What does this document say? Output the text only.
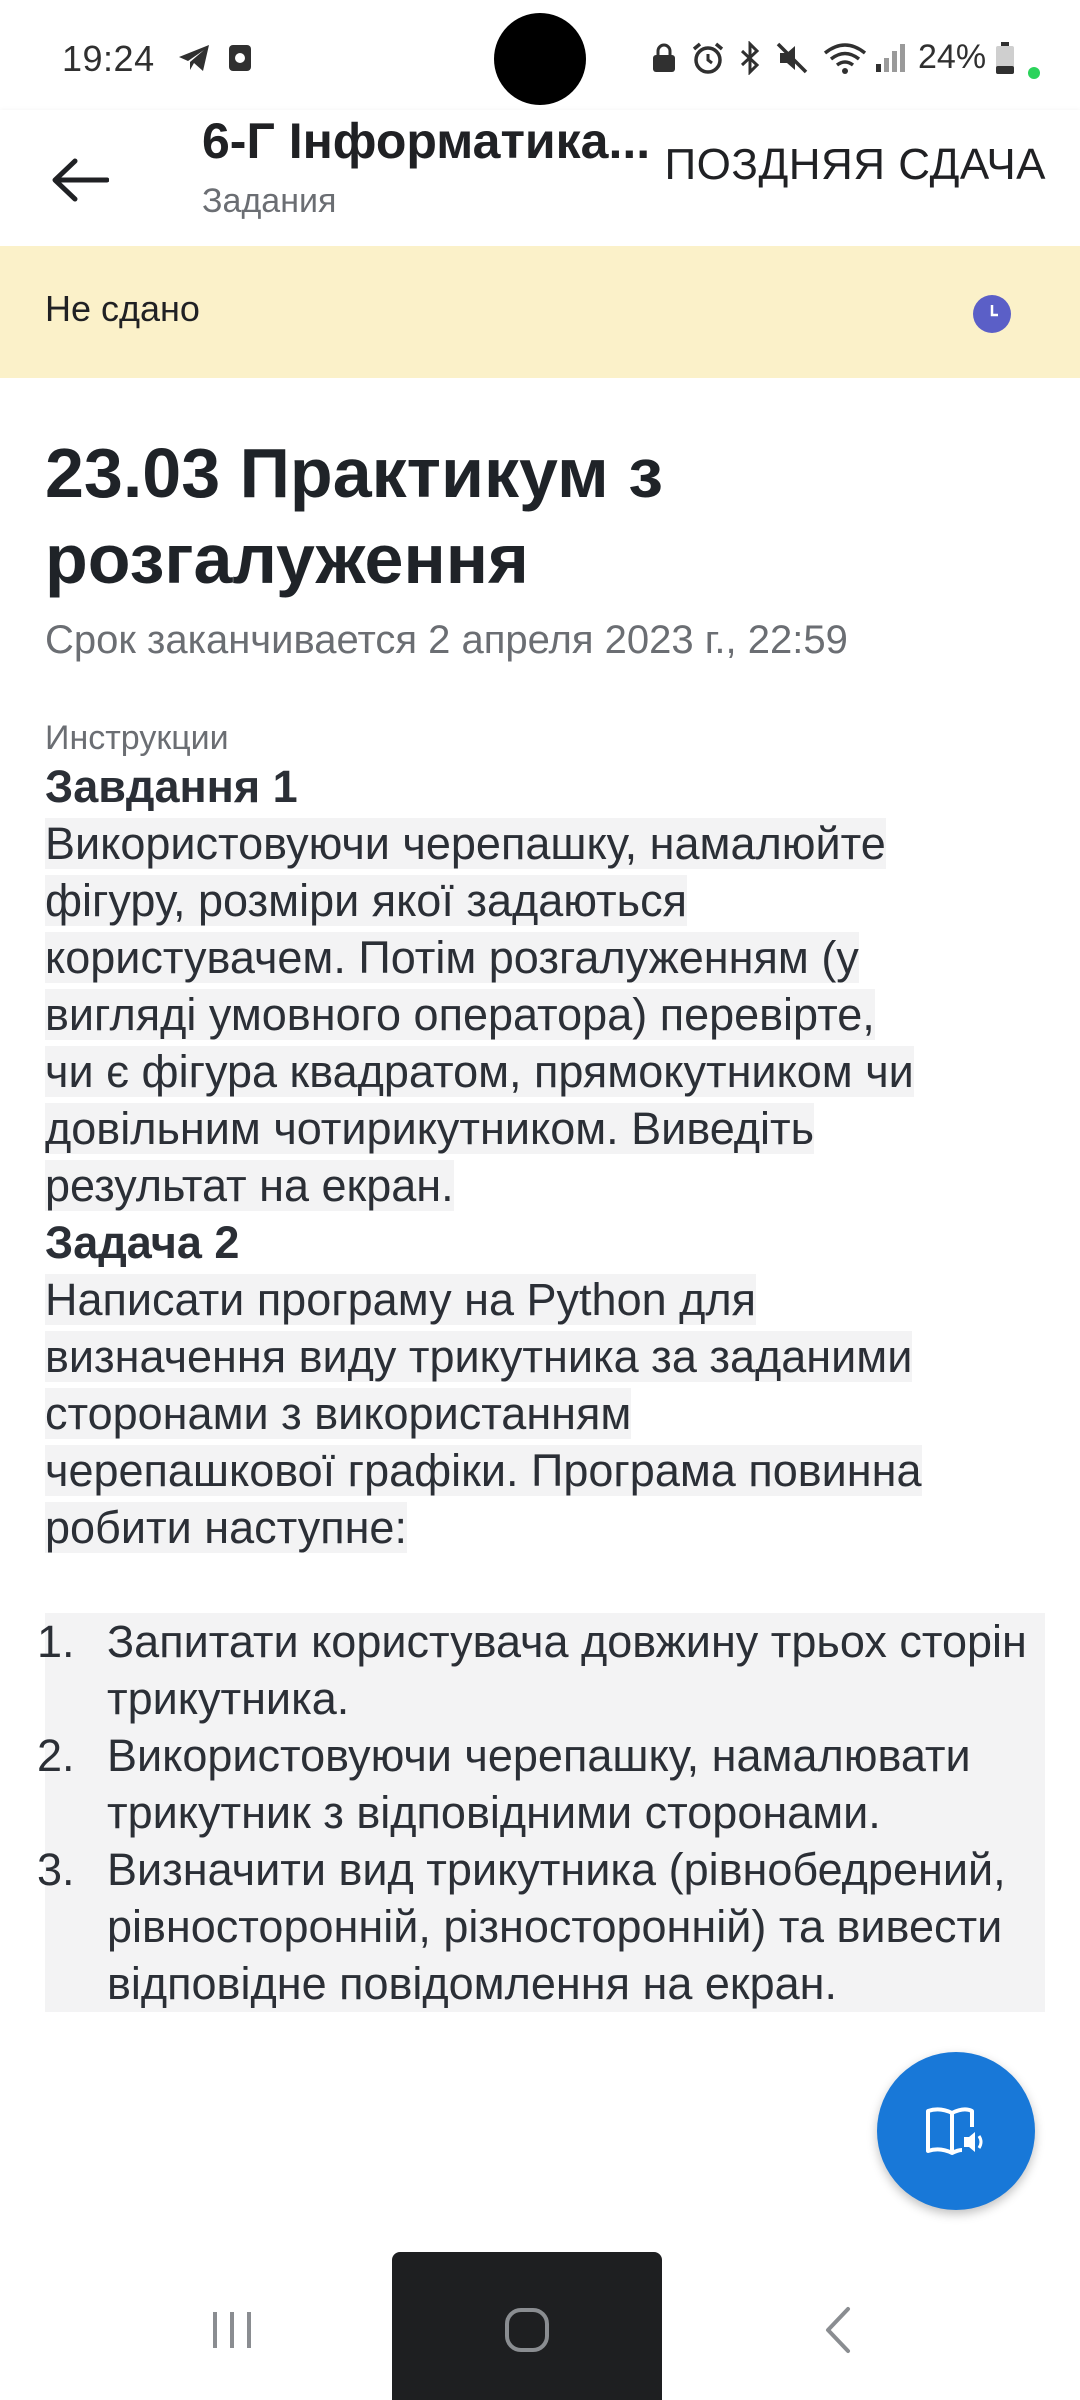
19:24	24%
6-Г Інформатика...
Задания
ПОЗДНЯЯ СДАЧА
Не сдано
23.03 Практикум з розгалуження
Срок заканчивается 2 апреля 2023 г., 22:59
Инструкции
Завдання 1
Використовуючи черепашку, намалюйте
фігуру, розміри якої задаються
користувачем. Потім розгалуженням (у
вигляді умовного оператора) перевірте,
чи є фігура квадратом, прямокутником чи
довільним чотирикутником. Виведіть
результат на екран.
Задача 2
Написати програму на Python для
визначення виду трикутника за заданими
сторонами з використанням
черепашкової графіки. Програма повинна
робити наступне:
1. Запитати користувача довжину трьох сторін трикутника.
2. Використовуючи черепашку, намалювати трикутник з відповідними сторонами.
3. Визначити вид трикутника (рівнобедрений, рівносторонній, різносторонній) та вивести відповідне повідомлення на екран.
